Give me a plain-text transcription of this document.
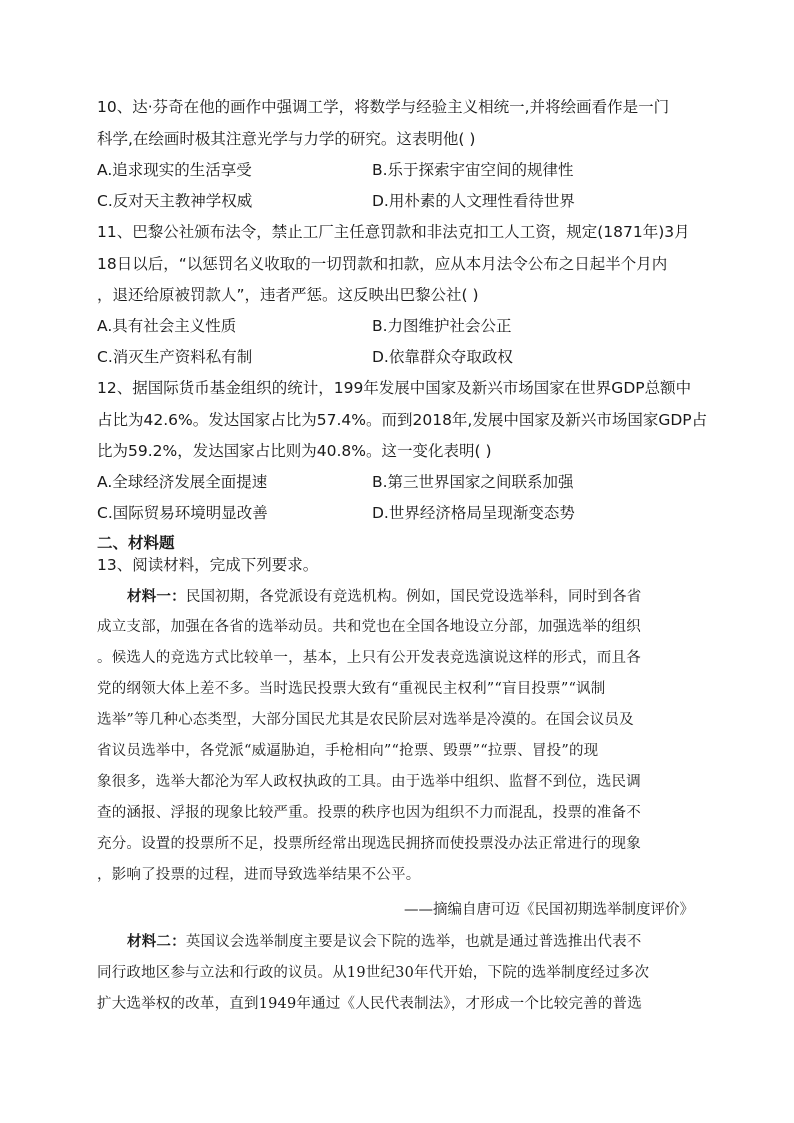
10、达·芬奇在他的画作中强调工学，将数学与经验主义相统一,并将绘画看作是一门
科学,在绘画时极其注意光学与力学的研究。这表明他( )
A.追求现实的生活享受	B.乐于探索宇宙空间的规律性
C.反对天主教神学权威	D.用朴素的人文理性看待世界
11、巴黎公社颁布法令，禁止工厂主任意罚款和非法克扣工人工资，规定(1871年)3月
18日以后，“以惩罚名义收取的一切罚款和扣款，应从本月法令公布之日起半个月内
，退还给原被罚款人”，违者严惩。这反映出巴黎公社( )
A.具有社会主义性质	B.力图维护社会公正
C.消灭生产资料私有制	D.依靠群众夺取政权
12、据国际货币基金组织的统计，199年发展中国家及新兴市场国家在世界GDP总额中
占比为42.6%。发达国家占比为57.4%。而到2018年,发展中国家及新兴市场国家GDP占
比为59.2%，发达国家占比则为40.8%。这一变化表明( )
A.全球经济发展全面提速	B.第三世界国家之间联系加强
C.国际贸易环境明显改善	D.世界经济格局呈现渐变态势
二、材料题
13、阅读材料，完成下列要求。
材料一：民国初期，各党派设有竞选机构。例如，国民党设选举科，同时到各省
成立支部，加强在各省的选举动员。共和党也在全国各地设立分部，加强选举的组织
。候选人的竞选方式比较单一，基本，上只有公开发表竞选演说这样的形式，而且各
党的纲领大体上差不多。当时选民投票大致有“重视民主权利”“盲目投票”“讽制
选举”等几种心态类型，大部分国民尤其是农民阶层对选举是冷漠的。在国会议员及
省议员选举中，各党派“威逼胁迫，手枪相向”“抢票、毁票”“拉票、冒投”的现
象很多，选举大都沦为军人政权执政的工具。由于选举中组织、监督不到位，选民调
查的涵报、浮报的现象比较严重。投票的秩序也因为组织不力而混乱，投票的准备不
充分。设置的投票所不足，投票所经常出现选民拥挤而使投票没办法正常进行的现象
，影响了投票的过程，进而导致选举结果不公平。
——摘编自唐可迈《民国初期选举制度评价》
材料二：英国议会选举制度主要是议会下院的选举，也就是通过普选推出代表不
同行政地区参与立法和行政的议员。从19世纪30年代开始，下院的选举制度经过多次
扩大选举权的改革，直到1949年通过《人民代表制法》，才形成一个比较完善的普选
